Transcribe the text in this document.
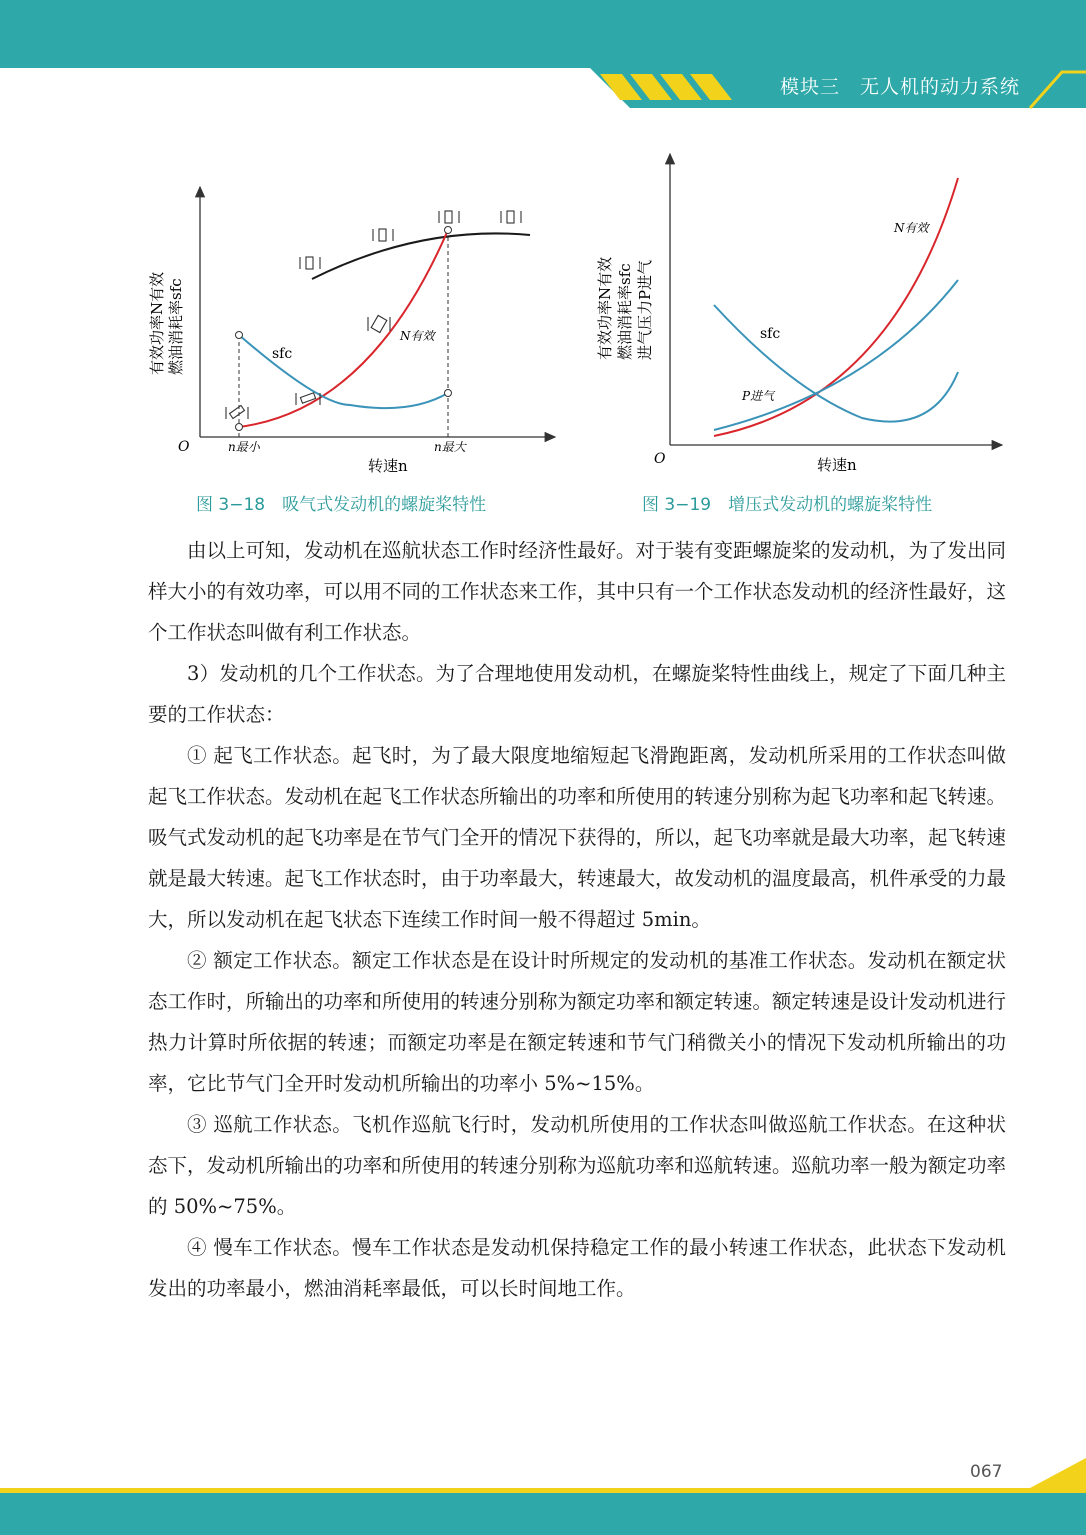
模块三　无人机的动力系统
O
有效功率N有效 燃油消耗率sfc
转速n
n最小	n最大
sfc
N有效
图 3−18　吸气式发动机的螺旋桨特性
O
有效功率N有效 燃油消耗率sfc 进气压力P进气
转速n
sfc
P进气
N有效
图 3−19　增压式发动机的螺旋桨特性

由以上可知，发动机在巡航状态工作时经济性最好。对于装有变距螺旋桨的发动机，为了发出同样大小的有效功率，可以用不同的工作状态来工作，其中只有一个工作状态发动机的经济性最好，这个工作状态叫做有利工作状态。

3）发动机的几个工作状态。为了合理地使用发动机，在螺旋桨特性曲线上，规定了下面几种主要的工作状态：

① 起飞工作状态。起飞时，为了最大限度地缩短起飞滑跑距离，发动机所采用的工作状态叫做起飞工作状态。发动机在起飞工作状态所输出的功率和所使用的转速分别称为起飞功率和起飞转速。吸气式发动机的起飞功率是在节气门全开的情况下获得的，所以，起飞功率就是最大功率，起飞转速就是最大转速。起飞工作状态时，由于功率最大，转速最大，故发动机的温度最高，机件承受的力最大，所以发动机在起飞状态下连续工作时间一般不得超过 5min。

② 额定工作状态。额定工作状态是在设计时所规定的发动机的基准工作状态。发动机在额定状态工作时，所输出的功率和所使用的转速分别称为额定功率和额定转速。额定转速是设计发动机进行热力计算时所依据的转速；而额定功率是在额定转速和节气门稍微关小的情况下发动机所输出的功率，它比节气门全开时发动机所输出的功率小 5%~15%。

③ 巡航工作状态。飞机作巡航飞行时，发动机所使用的工作状态叫做巡航工作状态。在这种状态下，发动机所输出的功率和所使用的转速分别称为巡航功率和巡航转速。巡航功率一般为额定功率的 50%~75%。

④ 慢车工作状态。慢车工作状态是发动机保持稳定工作的最小转速工作状态，此状态下发动机发出的功率最小，燃油消耗率最低，可以长时间地工作。

067
